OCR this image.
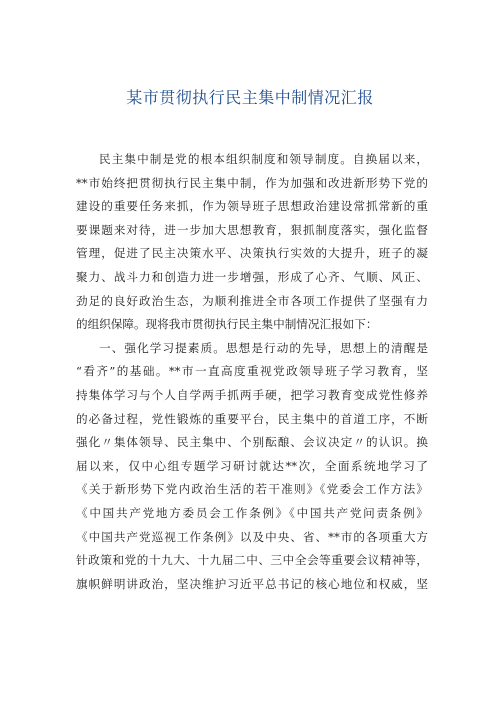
某市贯彻执行民主集中制情况汇报
民主集中制是党的根本组织制度和领导制度。自换届以来，
**市始终把贯彻执行民主集中制，作为加强和改进新形势下党的
建设的重要任务来抓，作为领导班子思想政治建设常抓常新的重
要课题来对待，进一步加大思想教育，狠抓制度落实，强化监督
管理，促进了民主决策水平、决策执行实效的大提升，班子的凝
聚力、战斗力和创造力进一步增强，形成了心齐、气顺、风正、
劲足的良好政治生态，为顺利推进全市各项工作提供了坚强有力
的组织保障。现将我市贯彻执行民主集中制情况汇报如下：
一、强化学习提素质。思想是行动的先导，思想上的清醒是
“看齐”的基础。**市一直高度重视党政领导班子学习教育，坚
持集体学习与个人自学两手抓两手硬，把学习教育变成党性修养
的必备过程，党性锻炼的重要平台，民主集中的首道工序，不断
强化〃集体领导、民主集中、个别酝酿、会议决定〃的认识。换
届以来，仅中心组专题学习研讨就达**次，全面系统地学习了
《关于新形势下党内政治生活的若干准则》《党委会工作方法》
《中国共产党地方委员会工作条例》《中国共产党问责条例》
《中国共产党巡视工作条例》以及中央、省、**市的各项重大方
针政策和党的十九大、十九届二中、三中全会等重要会议精神等，
旗帜鲜明讲政治，坚决维护习近平总书记的核心地位和权威，坚
